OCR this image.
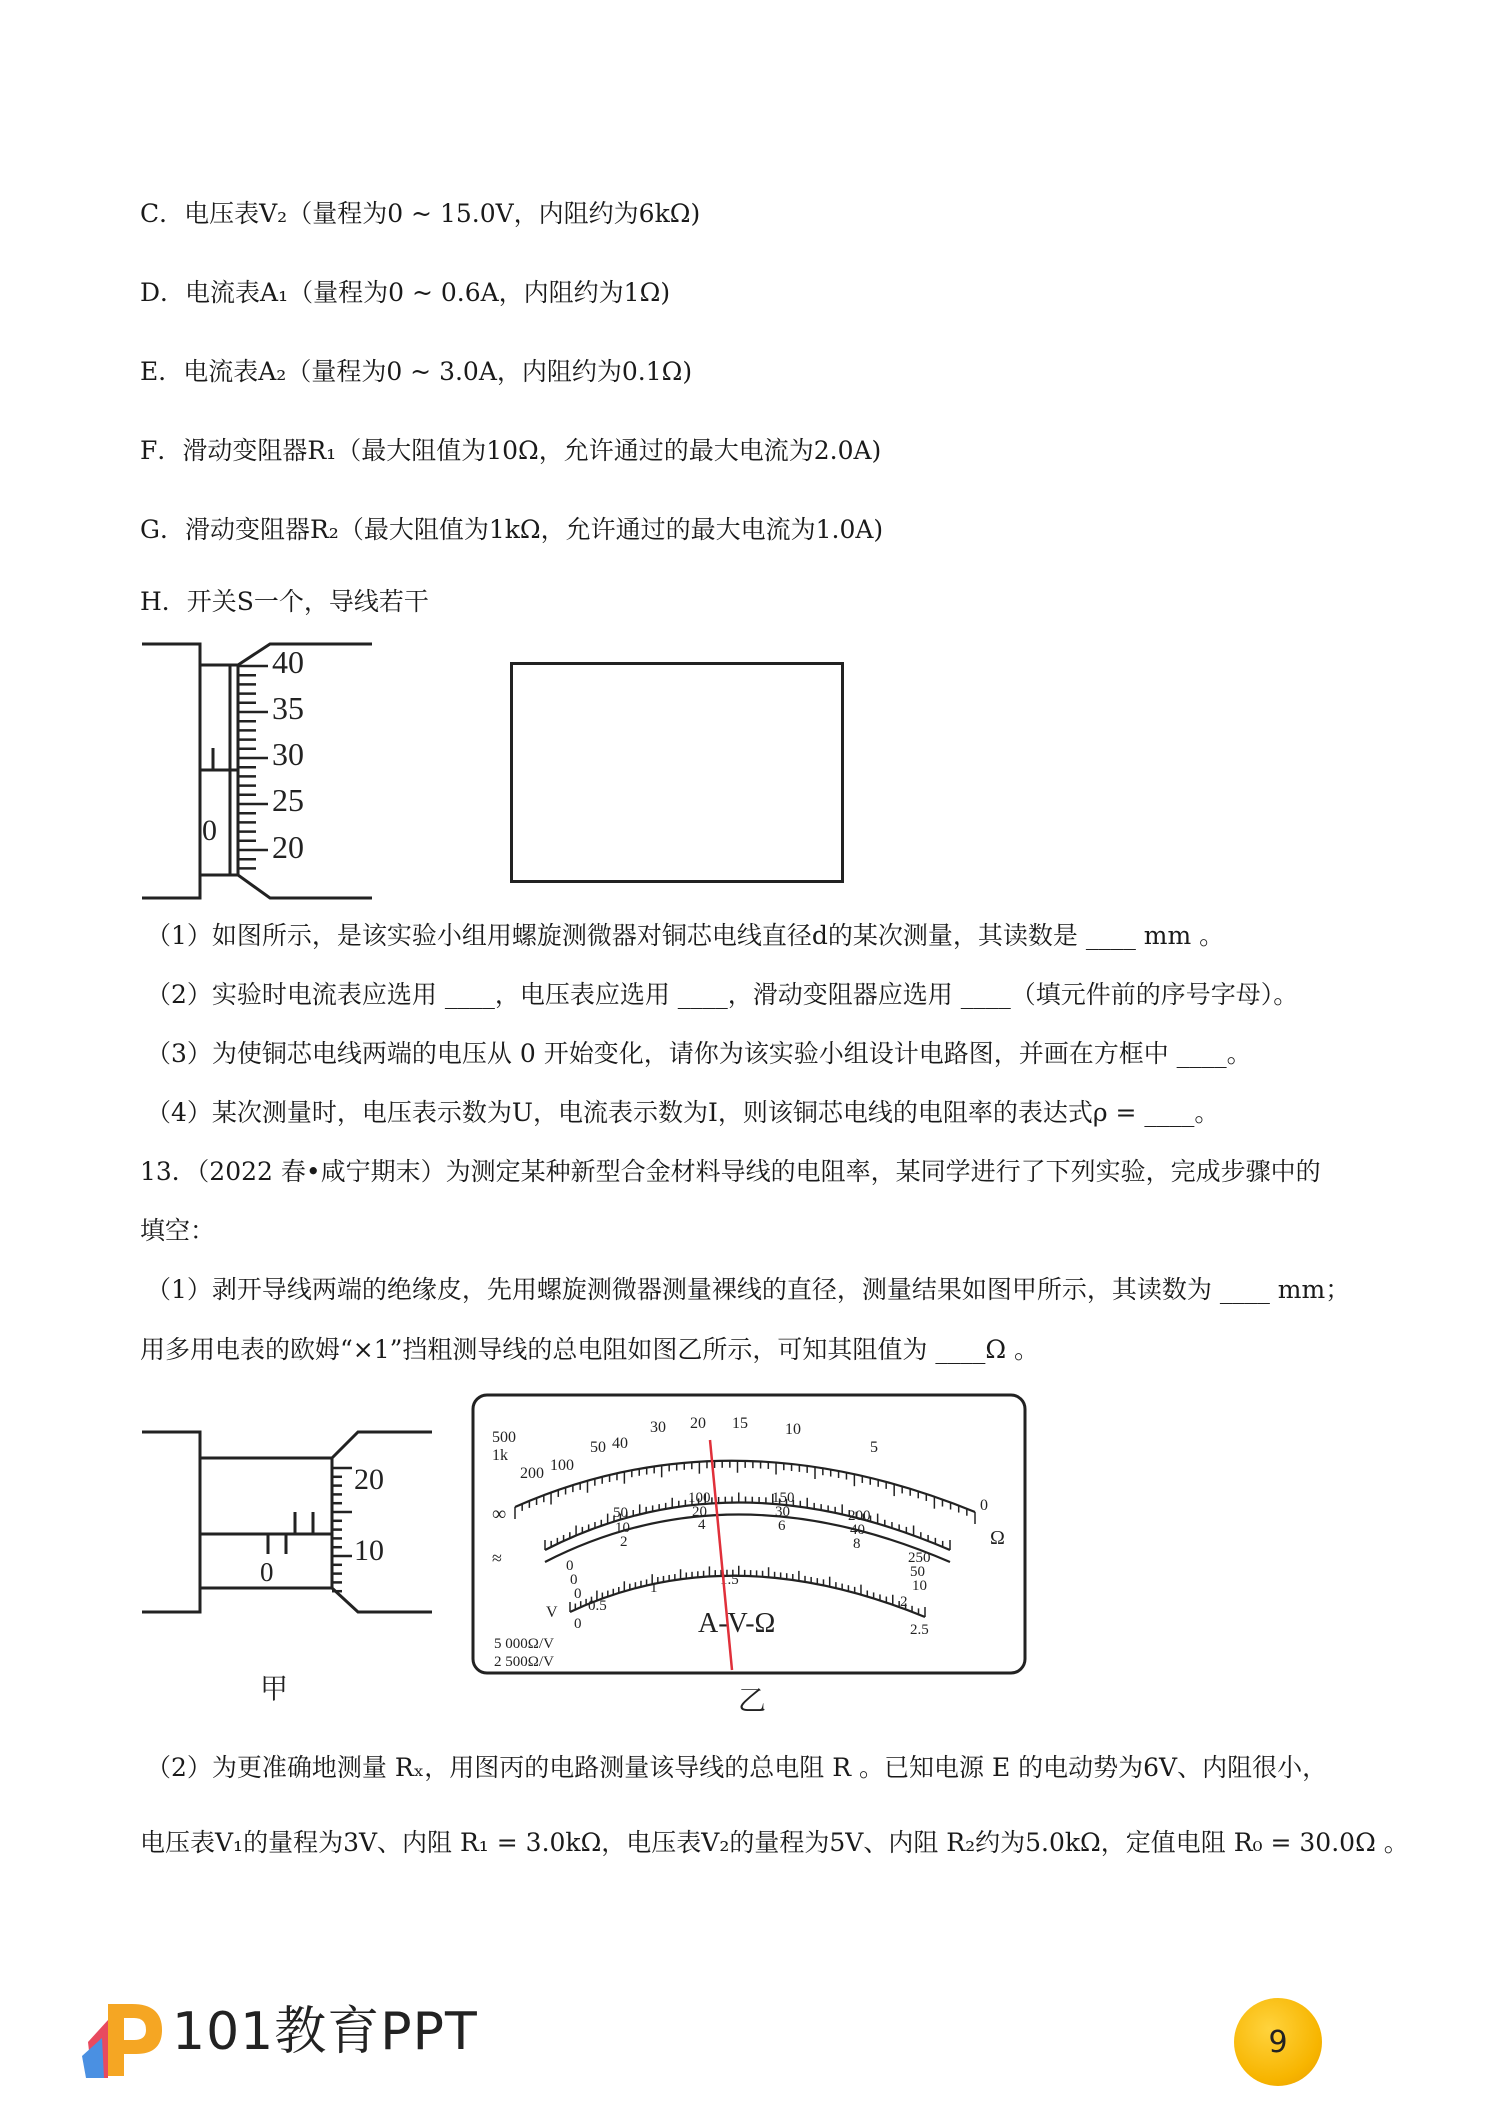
C．电压表V₂（量程为0 ~ 15.0V，内阻约为6kΩ)
D．电流表A₁（量程为0 ~ 0.6A，内阻约为1Ω)
E．电流表A₂（量程为0 ~ 3.0A，内阻约为0.1Ω)
F．滑动变阻器R₁（最大阻值为10Ω，允许通过的最大电流为2.0A)
G．滑动变阻器R₂（最大阻值为1kΩ，允许通过的最大电流为1.0A)
H．开关S一个，导线若干
0
40
35
30
25
20
（1）如图所示，是该实验小组用螺旋测微器对铜芯电线直径d的某次测量，其读数是 ____ mm 。
（2）实验时电流表应选用 ____，电压表应选用 ____，滑动变阻器应选用 ____（填元件前的序号字母）。
（3）为使铜芯电线两端的电压从 0 开始变化，请你为该实验小组设计电路图，并画在方框中 ____。
（4）某次测量时，电压表示数为U，电流表示数为I，则该铜芯电线的电阻率的表达式ρ = ____。
13．（2022 春•咸宁期末）为测定某种新型合金材料导线的电阻率，某同学进行了下列实验，完成步骤中的
填空：
（1）剥开导线两端的绝缘皮，先用螺旋测微器测量裸线的直径，测量结果如图甲所示，其读数为 ____ mm；
用多用电表的欧姆“×1”挡粗测导线的总电阻如图乙所示，可知其阻值为 ____Ω 。
0
20
10
甲
500
1k
200 100
50 40
30 20 15 10
5
0
∞
Ω
0
50
100	150
200
250
0
10
20	30
40
50
0
2
4	6
8
10
0
0.5
1	1.5
2
2.5
≈
V
5 000Ω/V
2 500Ω/V
A-V-Ω
乙
（2）为更准确地测量 Rₓ，用图丙的电路测量该导线的总电阻 R 。已知电源 E 的电动势为6V、内阻很小，
电压表V₁的量程为3V、内阻 R₁ = 3.0kΩ，电压表V₂的量程为5V、内阻 R₂约为5.0kΩ，定值电阻 R₀ = 30.0Ω 。
101教育PPT	9
